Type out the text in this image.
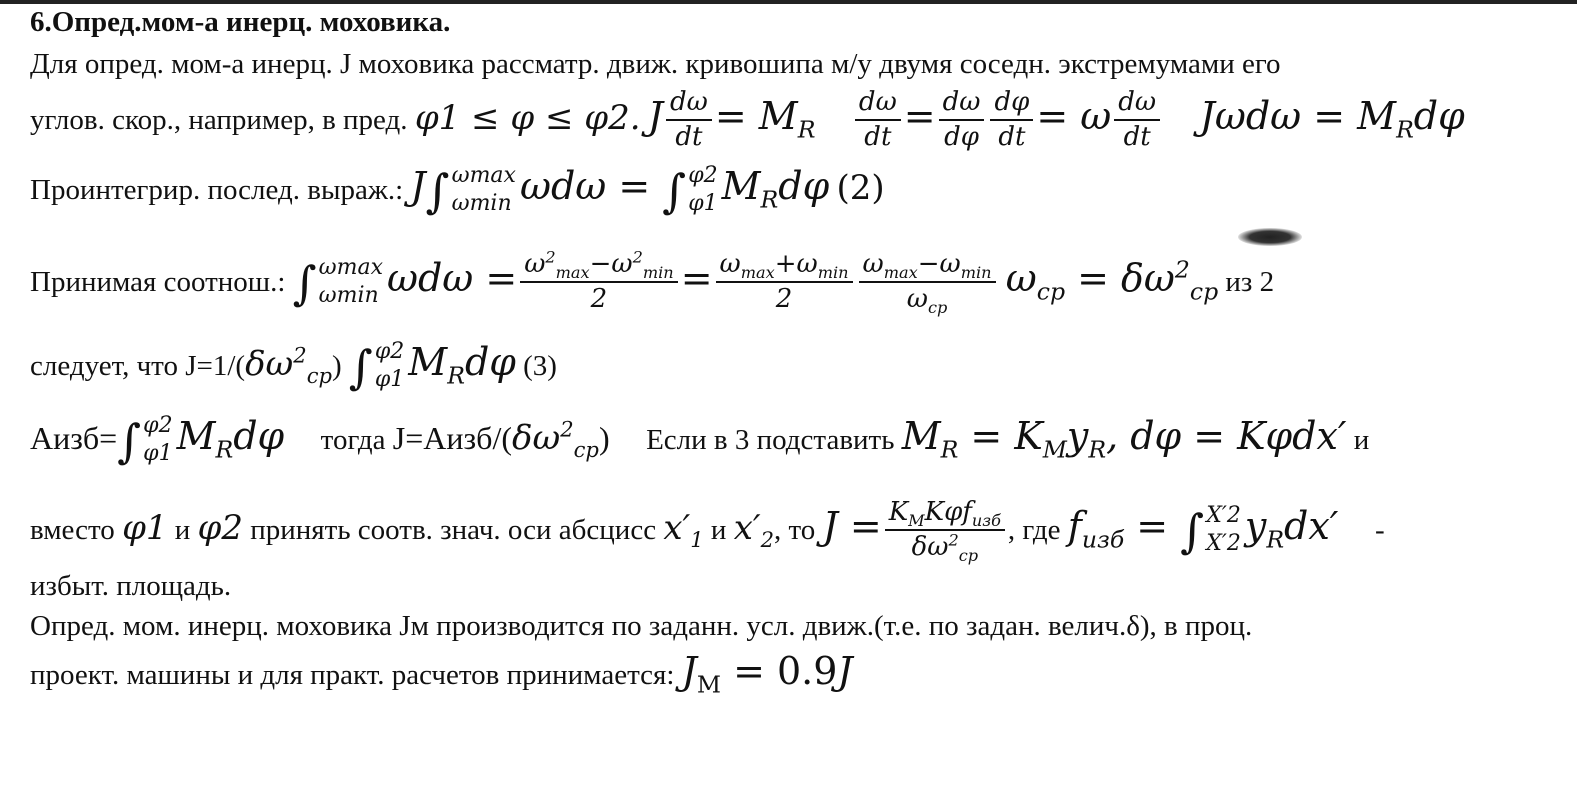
6.Опред.мом-а инерц. моховика.
Для опред. мом-а инерц. J моховика рассматр. движ. кривошипа м/у двумя соседн. экстремумами его
углов. скор., например, в пред. φ1 ≤ φ ≤ φ2. J $\frac{d\omega}{dt} = M_R \frac{d\omega}{dt} = \frac{d\omega}{d\varphi} \frac{d\varphi}{dt} = \omega \frac{d\omega}{dt}$ $J\omega d\omega = M_Rd\varphi$
Проинтегрир. послед. выраж.: J∫ ωmax
ωmin ωdω = ∫ φ2
φ1 $M_Rd\varphi$ (2)
Принимая соотнош.: ∫ ωmax
ωmin $\omega d\omega = \frac{\omega^2_{max}-\omega^2_{min}}{2} = \frac{\omega_{max}+\omega_{min}}{2} \frac{\omega_{max}-\omega_{min}}{\omega_{cp}} \omega_{cp} = \delta\omega^2_{cp}$ из 2
следует, что $J=1/(\delta\omega^2_{cp})$ ∫ φ2
φ1 $M_Rd\varphi$ (3)
Аизб=∫ φ2
φ1 $M_Rd\varphi$ тогда $J=Аизб/(\delta\omega^2_{cp})$ Если в 3 подставить $M_R = K_My_R$, dφ = Kφdx′ и
вместо φ1 и φ2 принять соотв. знач. оси абсцисс $x'_1$ и $x'_2$, то $J = \frac{K_MK\varphi f_{изб}}{\delta\omega^2_{cp}}$ , где $f_{изб}$ = ∫ X′2
X′2 $y_Rdx'$ -
избыт. площадь.
Опред. мом. инерц. моховика Jм производится по заданн. усл. движ.(т.е. по задан. велич.δ), в проц.
проект. машины и для практ. расчетов принимается: $J_M = 0.9J$
